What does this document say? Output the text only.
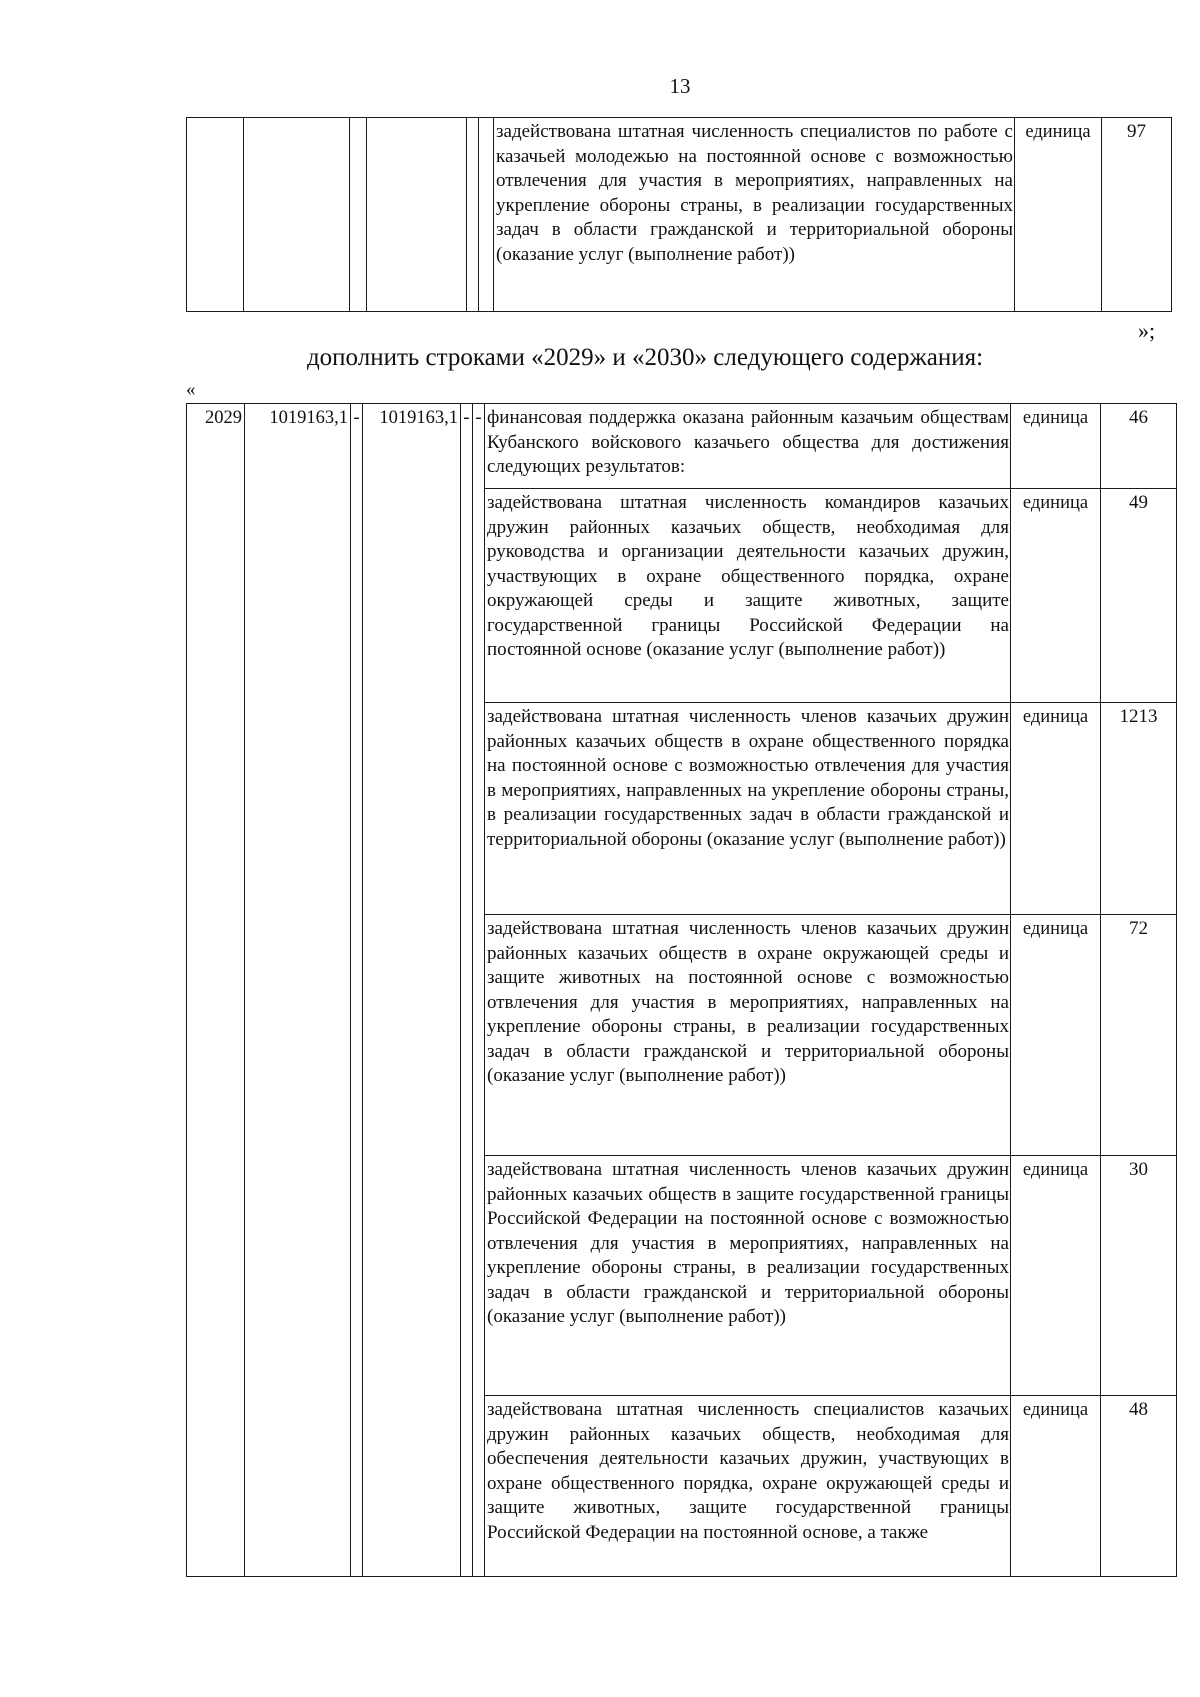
13
						задействована штатная численность специалистов по работе с казачьей молодежью на постоянной основе с возможностью отвлечения для участия в мероприятиях, направленных на укрепление обороны страны, в реализации государственных задач в области гражданской и территориальной обороны (оказание услуг (выполнение работ))	единица	97
»;
дополнить строками «2029» и «2030» следующего содержания:
«
2029	1019163,1	-	1019163,1	-	-	финансовая поддержка оказана районным казачьим обществам Кубанского войскового казачьего общества для достижения следующих результатов:	единица	46
						задействована штатная численность командиров казачьих дружин районных казачьих обществ, необходимая для руководства и организации деятельности казачьих дружин, участвующих в охране общественного порядка, охране окружающей среды и защите животных, защите государственной границы Российской Федерации на постоянной основе (оказание услуг (выполнение работ))	единица	49
						задействована штатная численность членов казачьих дружин районных казачьих обществ в охране общественного порядка на постоянной основе с возможностью отвлечения для участия в мероприятиях, направленных на укрепление обороны страны, в реализации государственных задач в области гражданской и территориальной обороны (оказание услуг (выполнение работ))	единица	1213
						задействована штатная численность членов казачьих дружин районных казачьих обществ в охране окружающей среды и защите животных на постоянной основе с возможностью отвлечения для участия в мероприятиях, направленных на укрепление обороны страны, в реализации государственных задач в области гражданской и территориальной обороны (оказание услуг (выполнение работ))	единица	72
						задействована штатная численность членов казачьих дружин районных казачьих обществ в защите государственной границы Российской Федерации на постоянной основе с возможностью отвлечения для участия в мероприятиях, направленных на укрепление обороны страны, в реализации государственных задач в области гражданской и территориальной обороны (оказание услуг (выполнение работ))	единица	30
						задействована штатная численность специалистов казачьих дружин районных казачьих обществ, необходимая для обеспечения деятельности казачьих дружин, участвующих в охране общественного порядка, охране окружающей среды и защите животных, защите государственной границы Российской Федерации на постоянной основе, а также	единица	48
